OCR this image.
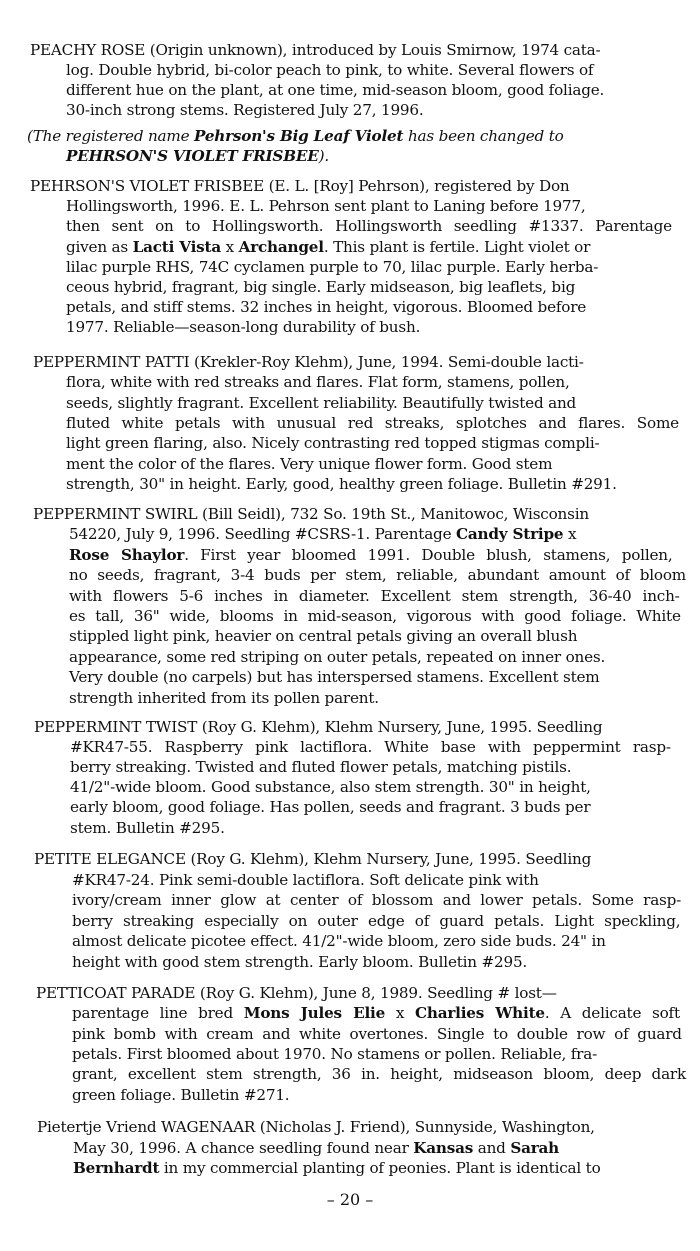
PEACHY ROSE (Origin unknown), introduced by Louis Smirnow, 1974 cata-
log. Double hybrid, bi-color peach to pink, to white. Several flowers of
different hue on the plant, at one time, mid-season bloom, good foliage.
30-inch strong stems. Registered July 27, 1996.
(The registered name Pehrson's Big Leaf Violet has been changed to
PEHRSON'S VIOLET FRISBEE).
PEHRSON'S VIOLET FRISBEE (E. L. [Roy] Pehrson), registered by Don
Hollingsworth, 1996. E. L. Pehrson sent plant to Laning before 1977,
then sent on to Hollingsworth. Hollingsworth seedling #1337. Parentage
given as Lacti Vista x Archangel. This plant is fertile. Light violet or
lilac purple RHS, 74C cyclamen purple to 70, lilac purple. Early herba-
ceous hybrid, fragrant, big single. Early midseason, big leaflets, big
petals, and stiff stems. 32 inches in height, vigorous. Bloomed before
1977. Reliable—season-long durability of bush.
PEPPERMINT PATTI (Krekler-Roy Klehm), June, 1994. Semi-double lacti-
flora, white with red streaks and flares. Flat form, stamens, pollen,
seeds, slightly fragrant. Excellent reliability. Beautifully twisted and
fluted white petals with unusual red streaks, splotches and flares. Some
light green flaring, also. Nicely contrasting red topped stigmas compli-
ment the color of the flares. Very unique flower form. Good stem
strength, 30" in height. Early, good, healthy green foliage. Bulletin #291.
PEPPERMINT SWIRL (Bill Seidl), 732 So. 19th St., Manitowoc, Wisconsin
54220, July 9, 1996. Seedling #CSRS-1. Parentage Candy Stripe x
Rose Shaylor. First year bloomed 1991. Double blush, stamens, pollen,
no seeds, fragrant, 3-4 buds per stem, reliable, abundant amount of bloom
with flowers 5-6 inches in diameter. Excellent stem strength, 36-40 inch-
es tall, 36" wide, blooms in mid-season, vigorous with good foliage. White
stippled light pink, heavier on central petals giving an overall blush
appearance, some red striping on outer petals, repeated on inner ones.
Very double (no carpels) but has interspersed stamens. Excellent stem
strength inherited from its pollen parent.
PEPPERMINT TWIST (Roy G. Klehm), Klehm Nursery, June, 1995. Seedling
#KR47-55. Raspberry pink lactiflora. White base with peppermint rasp-
berry streaking. Twisted and fluted flower petals, matching pistils.
41/2"-wide bloom. Good substance, also stem strength. 30" in height,
early bloom, good foliage. Has pollen, seeds and fragrant. 3 buds per
stem. Bulletin #295.
PETITE ELEGANCE (Roy G. Klehm), Klehm Nursery, June, 1995. Seedling
#KR47-24. Pink semi-double lactiflora. Soft delicate pink with
ivory/cream inner glow at center of blossom and lower petals. Some rasp-
berry streaking especially on outer edge of guard petals. Light speckling,
almost delicate picotee effect. 41/2"-wide bloom, zero side buds. 24" in
height with good stem strength. Early bloom. Bulletin #295.
PETTICOAT PARADE (Roy G. Klehm), June 8, 1989. Seedling # lost—
parentage line bred Mons Jules Elie x Charlies White. A delicate soft
pink bomb with cream and white overtones. Single to double row of guard
petals. First bloomed about 1970. No stamens or pollen. Reliable, fra-
grant, excellent stem strength, 36 in. height, midseason bloom, deep dark
green foliage. Bulletin #271.
Pietertje Vriend WAGENAAR (Nicholas J. Friend), Sunnyside, Washington,
May 30, 1996. A chance seedling found near Kansas and Sarah
Bernhardt in my commercial planting of peonies. Plant is identical to
– 20 –
